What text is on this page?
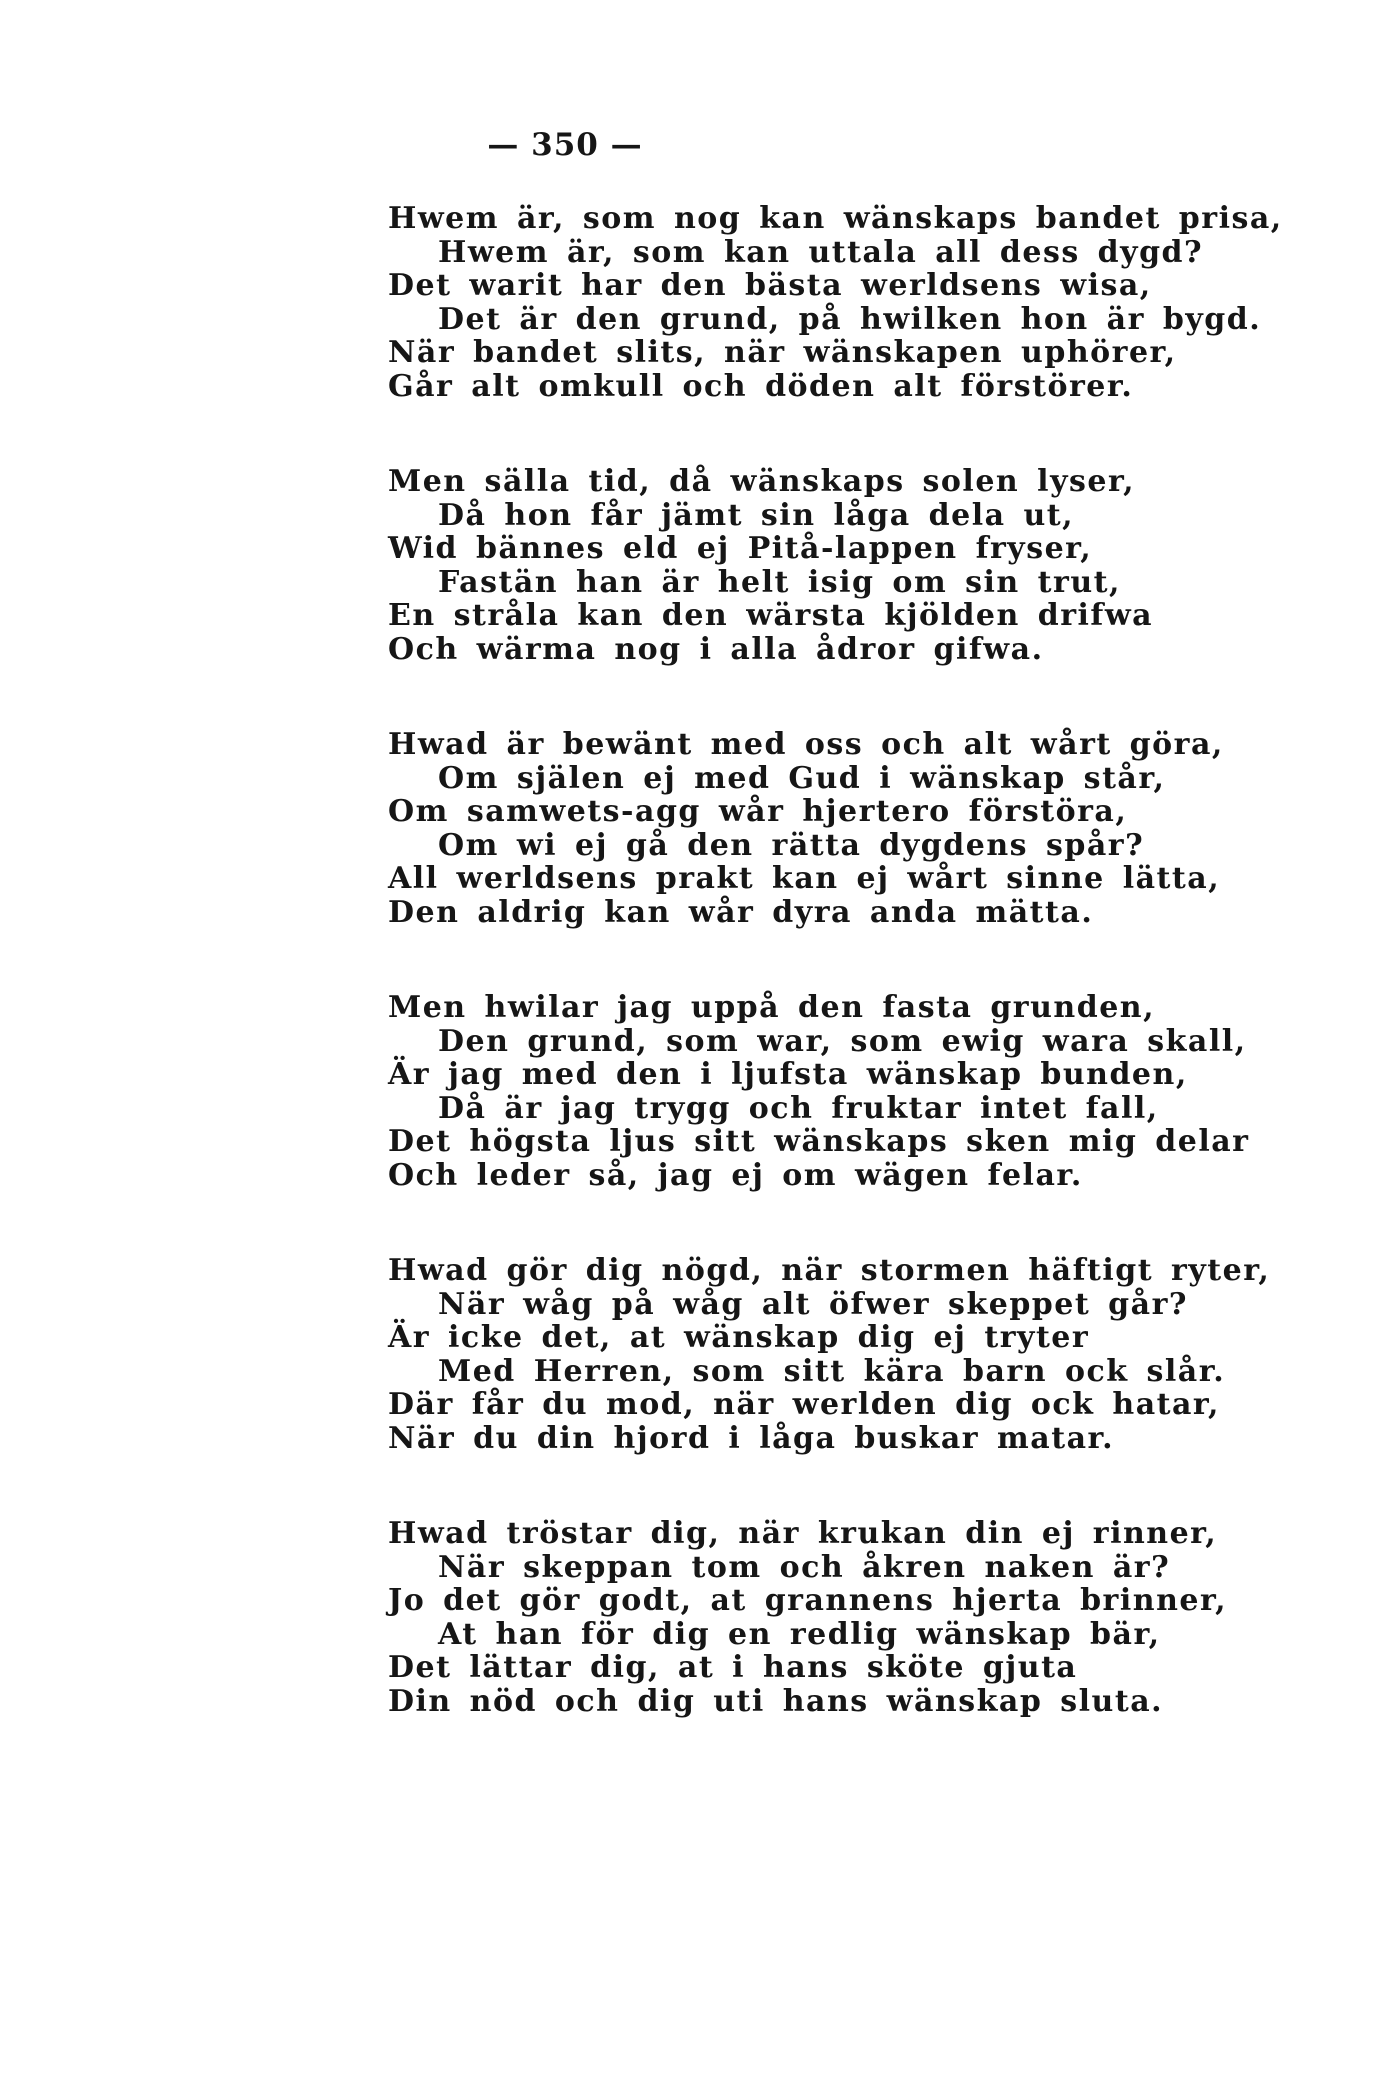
— 350 —
Hwem är, som nog kan wänskaps bandet prisa,
Hwem är, som kan uttala all dess dygd?
Det warit har den bästa werldsens wisa,
Det är den grund, på hwilken hon är bygd.
När bandet slits, när wänskapen uphörer,
Går alt omkull och döden alt förstörer.
Men sälla tid, då wänskaps solen lyser,
Då hon får jämt sin låga dela ut,
Wid bännes eld ej Pitå-lappen fryser,
Fastän han är helt isig om sin trut,
En stråla kan den wärsta kjölden drifwa
Och wärma nog i alla ådror gifwa.
Hwad är bewänt med oss och alt wårt göra,
Om själen ej med Gud i wänskap står,
Om samwets-agg wår hjertero förstöra,
Om wi ej gå den rätta dygdens spår?
All werldsens prakt kan ej wårt sinne lätta,
Den aldrig kan wår dyra anda mätta.
Men hwilar jag uppå den fasta grunden,
Den grund, som war, som ewig wara skall,
Är jag med den i ljufsta wänskap bunden,
Då är jag trygg och fruktar intet fall,
Det högsta ljus sitt wänskaps sken mig delar
Och leder så, jag ej om wägen felar.
Hwad gör dig nögd, när stormen häftigt ryter,
När wåg på wåg alt öfwer skeppet går?
Är icke det, at wänskap dig ej tryter
Med Herren, som sitt kära barn ock slår.
Där får du mod, när werlden dig ock hatar,
När du din hjord i låga buskar matar.
Hwad tröstar dig, när krukan din ej rinner,
När skeppan tom och åkren naken är?
Jo det gör godt, at grannens hjerta brinner,
At han för dig en redlig wänskap bär,
Det lättar dig, at i hans sköte gjuta
Din nöd och dig uti hans wänskap sluta.
